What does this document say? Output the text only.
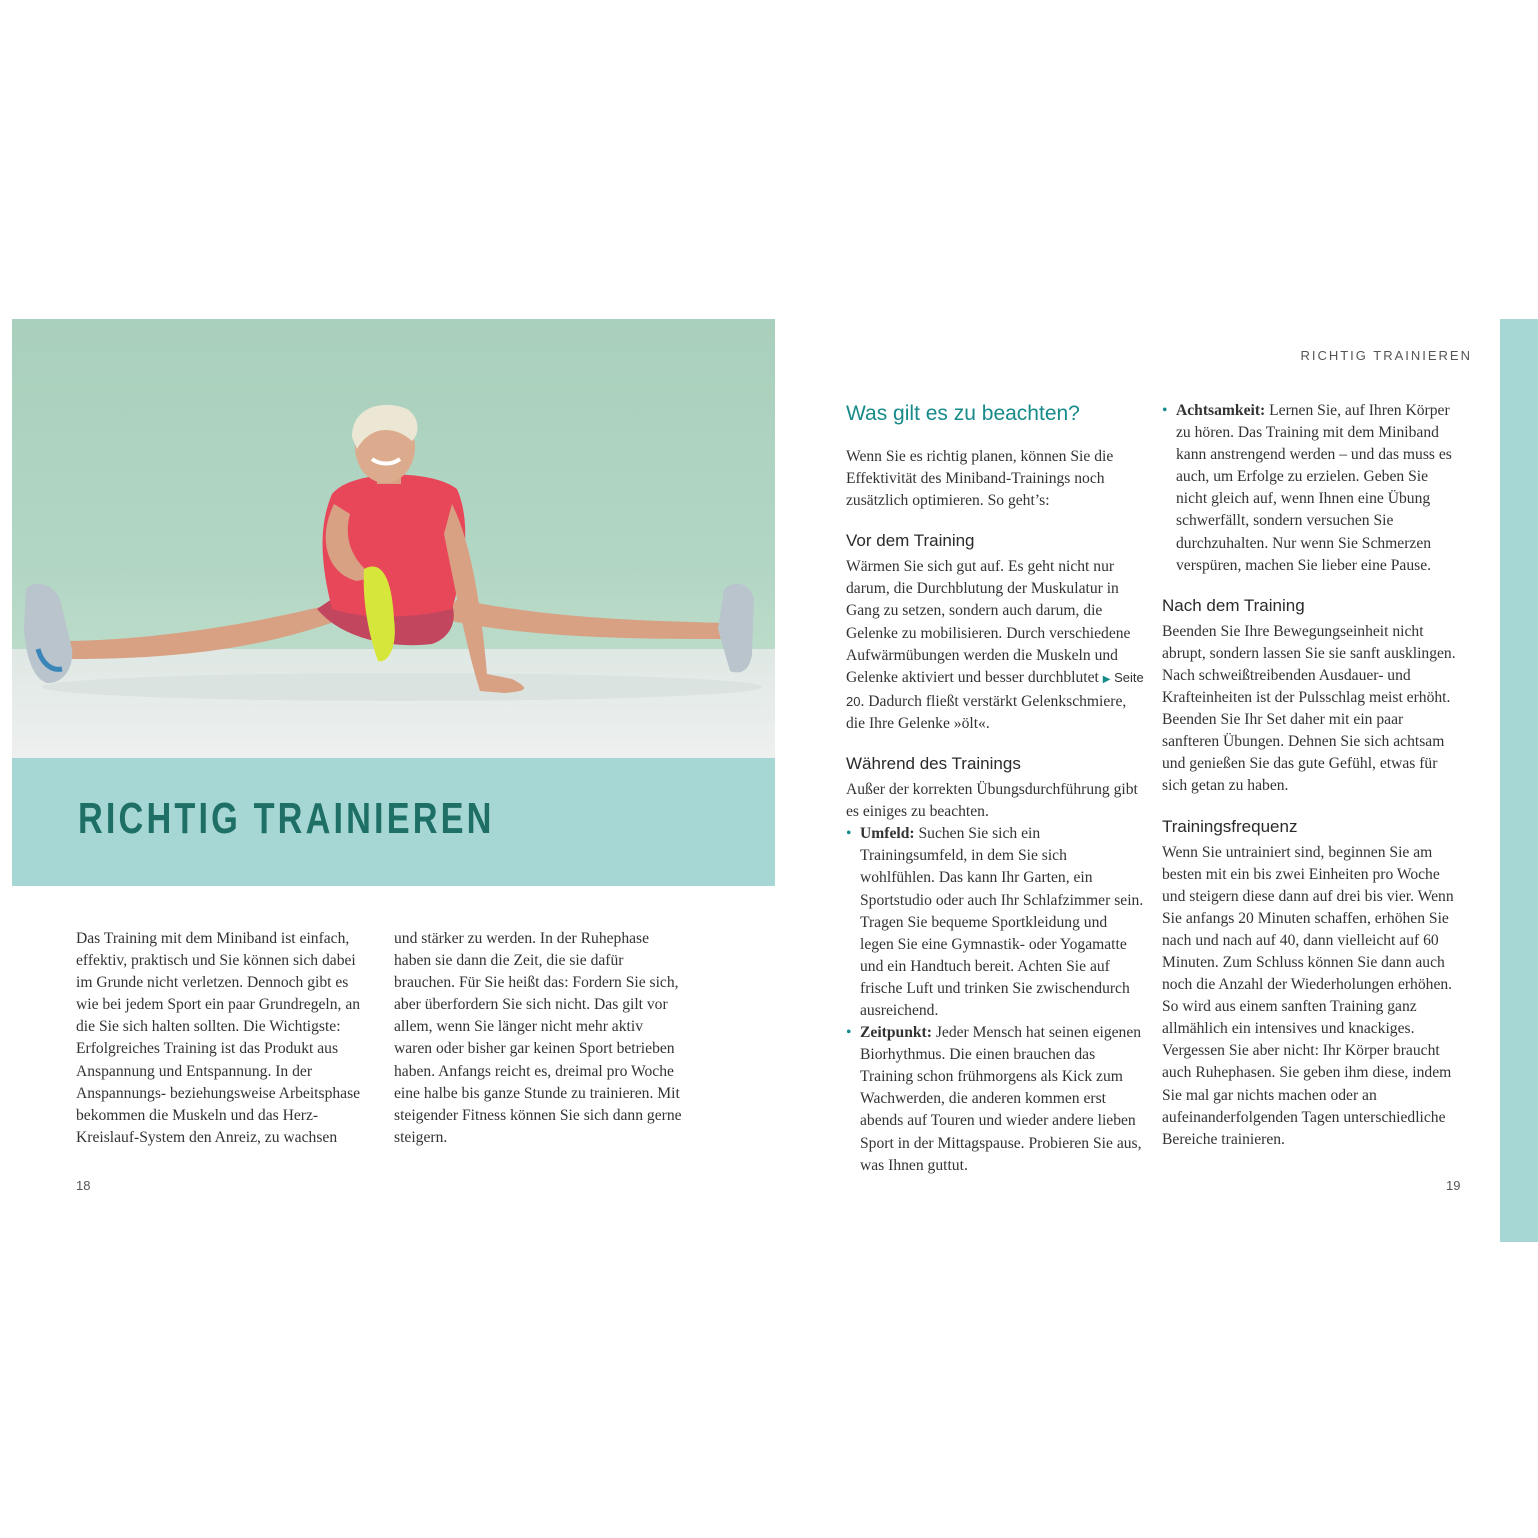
RICHTIG TRAINIEREN

Das Training mit dem Miniband ist einfach, effektiv, praktisch und Sie können sich dabei im Grunde nicht verletzen. Dennoch gibt es wie bei jedem Sport ein paar Grundregeln, an die Sie sich halten sollten. Die Wichtigste: Erfolgreiches Training ist das Produkt aus Anspannung und Entspannung. In der Anspannungs- beziehungsweise Arbeitsphase bekommen die Muskeln und das Herz-Kreislauf-System den Anreiz, zu wachsen

und stärker zu werden. In der Ruhephase haben sie dann die Zeit, die sie dafür brauchen. Für Sie heißt das: Fordern Sie sich, aber überfordern Sie sich nicht. Das gilt vor allem, wenn Sie länger nicht mehr aktiv waren oder bisher gar keinen Sport betrieben haben. Anfangs reicht es, dreimal pro Woche eine halbe bis ganze Stunde zu trainieren. Mit steigender Fitness können Sie sich dann gerne steigern.

18
RICHTIG TRAINIEREN
Was gilt es zu beachten?

Wenn Sie es richtig planen, können Sie die Effektivität des Miniband-Trainings noch zusätzlich optimieren. So geht’s:

Vor dem Training

Wärmen Sie sich gut auf. Es geht nicht nur darum, die Durchblutung der Muskulatur in Gang zu setzen, sondern auch darum, die Gelenke zu mobilisieren. Durch verschiedene Aufwärmübungen werden die Muskeln und Gelenke aktiviert und besser durchblutet ▶ Seite 20. Dadurch fließt verstärkt Gelenkschmiere, die Ihre Gelenke »ölt«.

Während des Trainings

Außer der korrekten Übungsdurchführung gibt es einiges zu beachten.

• Umfeld: Suchen Sie sich ein Trainingsumfeld, in dem Sie sich wohlfühlen. Das kann Ihr Garten, ein Sportstudio oder auch Ihr Schlafzimmer sein. Tragen Sie bequeme Sportkleidung und legen Sie eine Gymnastik- oder Yogamatte und ein Handtuch bereit. Achten Sie auf frische Luft und trinken Sie zwischendurch ausreichend.
• Zeitpunkt: Jeder Mensch hat seinen eigenen Biorhythmus. Die einen brauchen das Training schon frühmorgens als Kick zum Wachwerden, die anderen kommen erst abends auf Touren und wieder andere lieben Sport in der Mittagspause. Probieren Sie aus, was Ihnen guttut.
• Achtsamkeit: Lernen Sie, auf Ihren Körper zu hören. Das Training mit dem Miniband kann anstrengend werden – und das muss es auch, um Erfolge zu erzielen. Geben Sie nicht gleich auf, wenn Ihnen eine Übung schwerfällt, sondern versuchen Sie durchzuhalten. Nur wenn Sie Schmerzen verspüren, machen Sie lieber eine Pause.
Nach dem Training

Beenden Sie Ihre Bewegungseinheit nicht abrupt, sondern lassen Sie sie sanft ausklingen. Nach schweißtreibenden Ausdauer- und Krafteinheiten ist der Pulsschlag meist erhöht. Beenden Sie Ihr Set daher mit ein paar sanfteren Übungen. Dehnen Sie sich achtsam und genießen Sie das gute Gefühl, etwas für sich getan zu haben.

Trainingsfrequenz

Wenn Sie untrainiert sind, beginnen Sie am besten mit ein bis zwei Einheiten pro Woche und steigern diese dann auf drei bis vier. Wenn Sie anfangs 20 Minuten schaffen, erhöhen Sie nach und nach auf 40, dann vielleicht auf 60 Minuten. Zum Schluss können Sie dann auch noch die Anzahl der Wiederholungen erhöhen. So wird aus einem sanften Training ganz allmählich ein intensives und knackiges. Vergessen Sie aber nicht: Ihr Körper braucht auch Ruhephasen. Sie geben ihm diese, indem Sie mal gar nichts machen oder an aufeinanderfolgenden Tagen unterschiedliche Bereiche trainieren.

19
